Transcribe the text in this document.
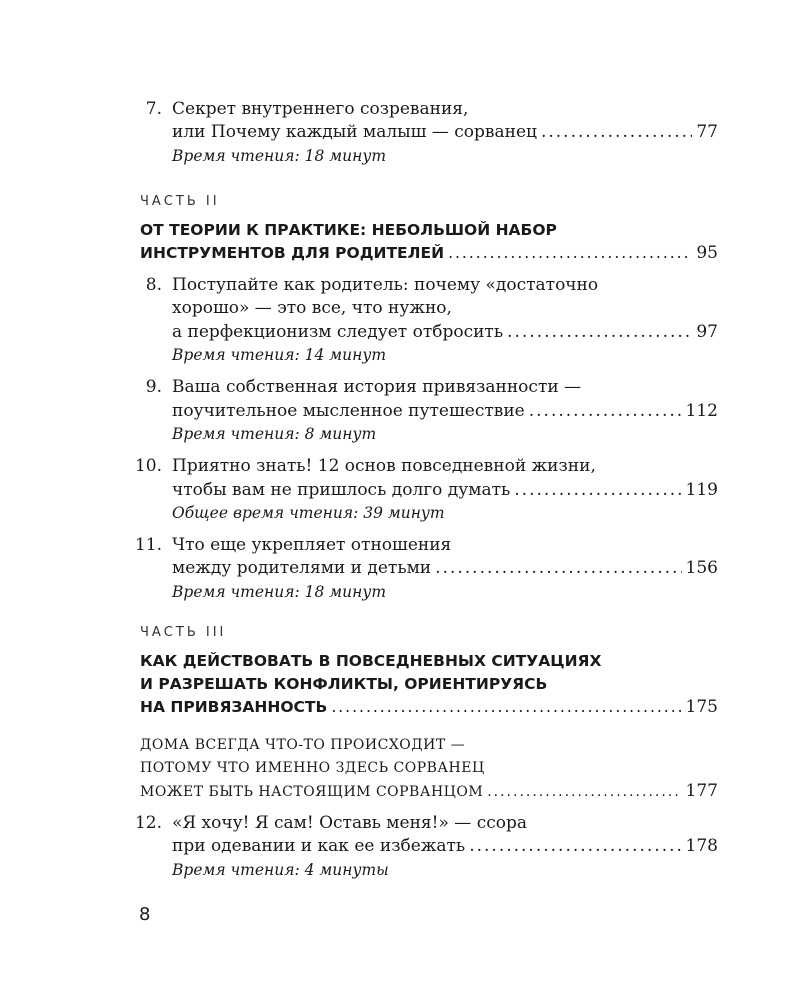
7. Секрет внутреннего созревания,
или Почему каждый малыш — сорванец .....	77
Время чтения: 18 минут
ЧАСТЬ II
ОТ ТЕОРИИ К ПРАКТИКЕ: НЕБОЛЬШОЙ НАБОР
ИНСТРУМЕНТОВ ДЛЯ РОДИТЕЛЕЙ .....	95
8. Поступайте как родитель: почему «достаточно
хорошо» — это все, что нужно,
а перфекционизм следует отбросить .....	97
Время чтения: 14 минут
9. Ваша собственная история привязанности —
поучительное мысленное путешествие .....	112
Время чтения: 8 минут
10. Приятно знать! 12 основ повседневной жизни,
чтобы вам не пришлось долго думать .....	119
Общее время чтения: 39 минут
11. Что еще укрепляет отношения
между родителями и детьми .....	156
Время чтения: 18 минут
ЧАСТЬ III
КАК ДЕЙСТВОВАТЬ В ПОВСЕДНЕВНЫХ СИТУАЦИЯХ
И РАЗРЕШАТЬ КОНФЛИКТЫ, ОРИЕНТИРУЯСЬ
НА ПРИВЯЗАННОСТЬ .....	175
ДОМА ВСЕГДА ЧТО-ТО ПРОИСХОДИТ —
ПОТОМУ ЧТО ИМЕННО ЗДЕСЬ СОРВАНЕЦ
МОЖЕТ БЫТЬ НАСТОЯЩИМ СОРВАНЦОМ .....	177
12. «Я хочу! Я сам! Оставь меня!» — ссора
при одевании и как ее избежать .....	178
Время чтения: 4 минуты
8
